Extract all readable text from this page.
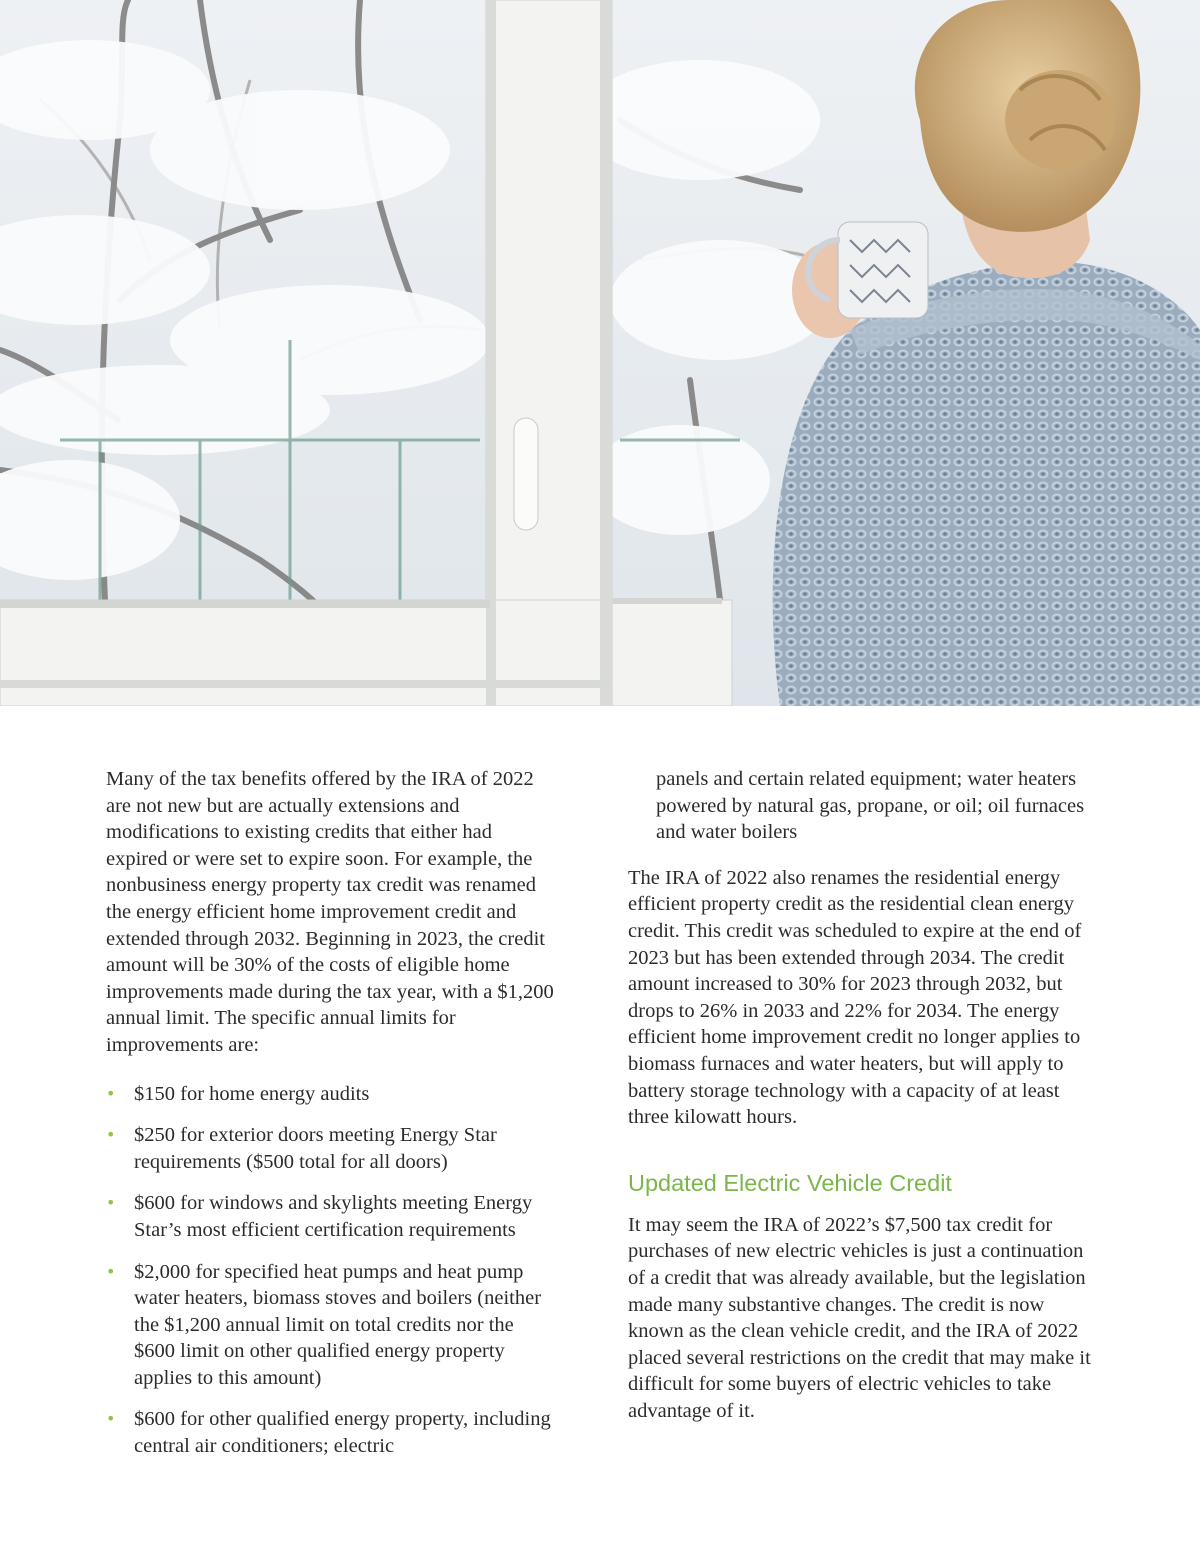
Many of the tax benefits offered by the IRA of 2022 are not new but are actually extensions and modifications to existing credits that either had expired or were set to expire soon. For example, the nonbusiness energy property tax credit was renamed the energy efficient home improvement credit and extended through 2032. Beginning in 2023, the credit amount will be 30% of the costs of eligible home improvements made during the tax year, with a $1,200 annual limit. The specific annual limits for improvements are:

• $150 for home energy audits
• $250 for exterior doors meeting Energy Star requirements ($500 total for all doors)
• $600 for windows and skylights meeting Energy Star’s most efficient certification requirements
• $2,000 for specified heat pumps and heat pump water heaters, biomass stoves and boilers (neither the $1,200 annual limit on total credits nor the $600 limit on other qualified energy property applies to this amount)
• $600 for other qualified energy property, including central air conditioners; electric

panels and certain related equipment; water heaters powered by natural gas, propane, or oil; oil furnaces and water boilers

The IRA of 2022 also renames the residential energy efficient property credit as the residential clean energy credit. This credit was scheduled to expire at the end of 2023 but has been extended through 2034. The credit amount increased to 30% for 2023 through 2032, but drops to 26% in 2033 and 22% for 2034. The energy efficient home improvement credit no longer applies to biomass furnaces and water heaters, but will apply to battery storage technology with a capacity of at least three kilowatt hours.

Updated Electric Vehicle Credit

It may seem the IRA of 2022’s $7,500 tax credit for purchases of new electric vehicles is just a continuation of a credit that was already available, but the legislation made many substantive changes. The credit is now known as the clean vehicle credit, and the IRA of 2022 placed several restrictions on the credit that may make it difficult for some buyers of electric vehicles to take advantage of it.
